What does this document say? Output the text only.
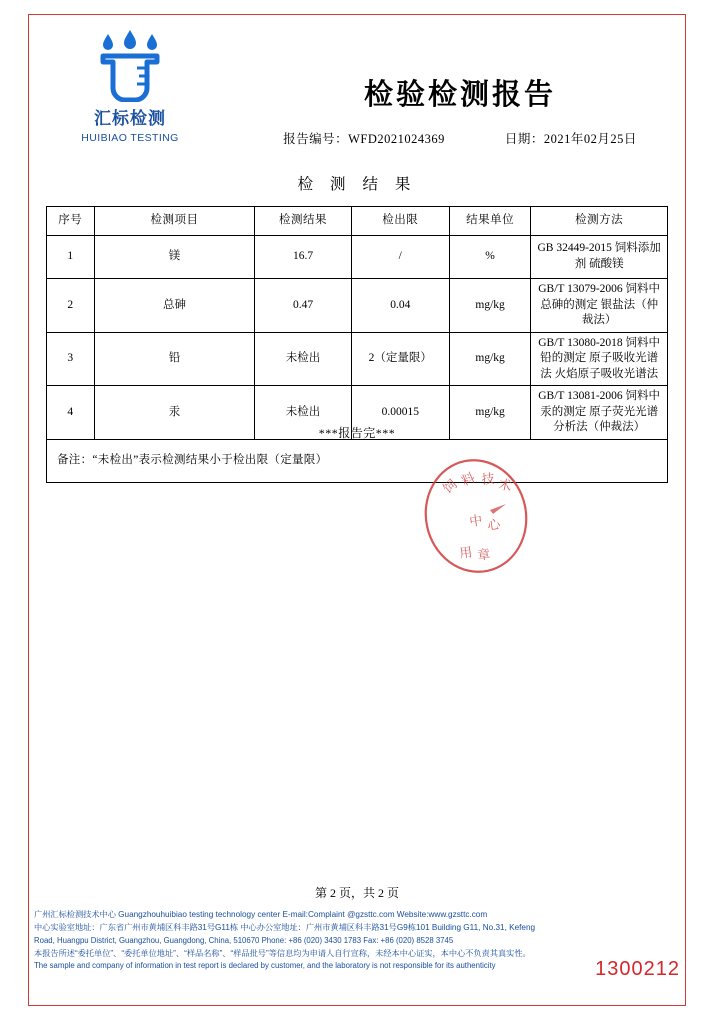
汇标检测
HUIBIAO TESTING
检验检测报告
报告编号：WFD2021024369	日期：2021年02月25日
检 测 结 果
序号	检测项目	检测结果	检出限	结果单位	检测方法
1	镁	16.7	/	%	GB 32449-2015 饲料添加剂 硫酸镁
2	总砷	0.47	0.04	mg/kg	GB/T 13079-2006 饲料中总砷的测定 银盐法（仲裁法）
3	铅	未检出	2（定量限）	mg/kg	GB/T 13080-2018 饲料中铅的测定 原子吸收光谱法 火焰原子吸收光谱法
4	汞	未检出	0.00015	mg/kg	GB/T 13081-2006 饲料中汞的测定 原子荧光光谱分析法（仲裁法）
备注：“未检出”表示检测结果小于检出限（定量限）					
***报告完***
饲 料 技 术
中 心
用 章
第 2 页，共 2 页
广州汇标检测技术中心 Guangzhouhuibiao testing technology center E-mail:Complaint @gzsttc.com Website:www.gzsttc.com
中心实验室地址：广东省广州市黄埔区科丰路31号G11栋 中心办公室地址：广州市黄埔区科丰路31号G9栋101 Building G11, No.31, Kefeng
Road, Huangpu District, Guangzhou, Guangdong, China, 510670 Phone: +86 (020) 3430 1783 Fax: +86 (020) 8528 3745
本报告所述“委托单位”、“委托单位地址”、“样品名称”、“样品批号”等信息均为申请人自行宣称，未经本中心证实，本中心不负责其真实性。
The sample and company of information in test report is declared by customer, and the laboratory is not responsible for its authenticity	1300212
